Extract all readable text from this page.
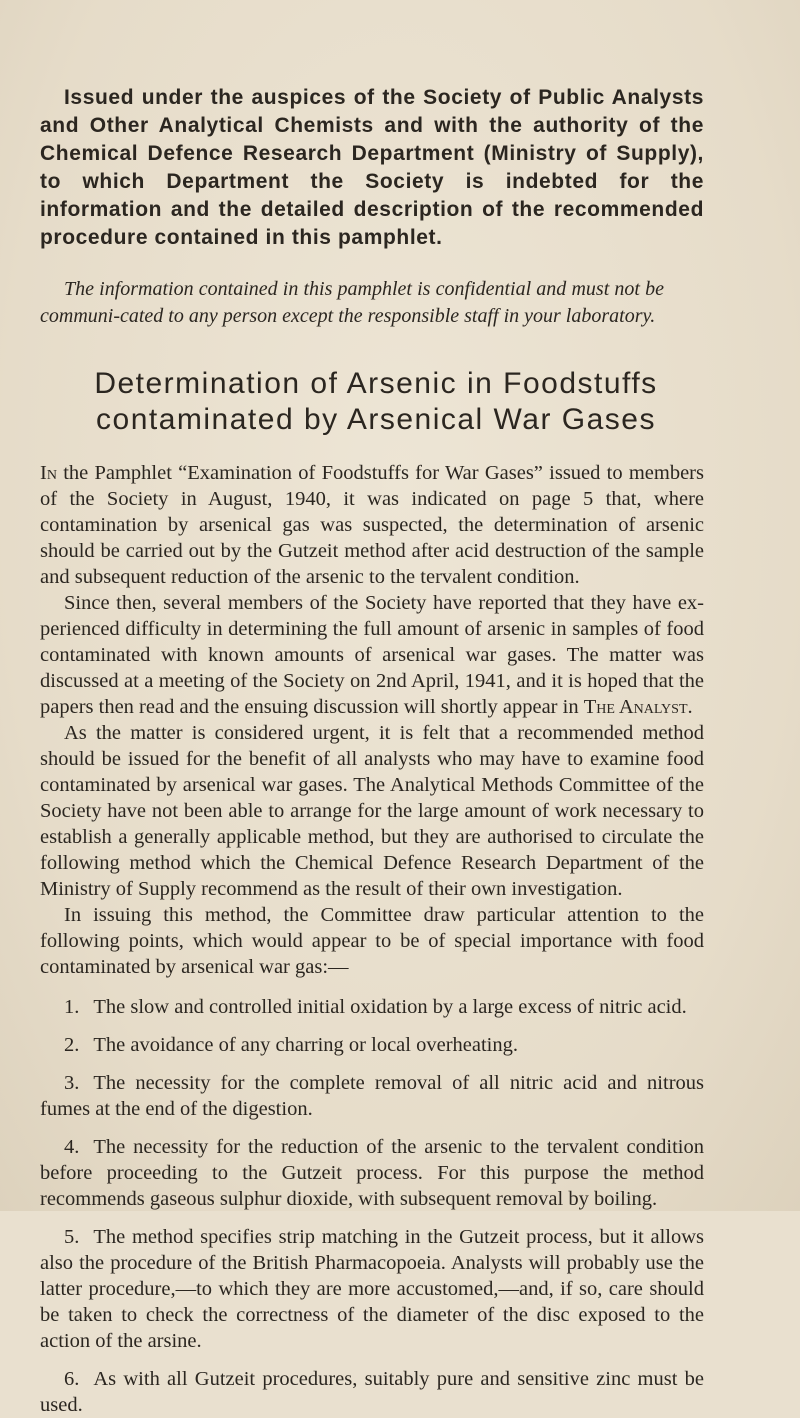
Issued under the auspices of the Society of Public Analysts and Other Analytical Chemists and with the authority of the Chemical Defence Research Department (Ministry of Supply), to which Department the Society is indebted for the information and the detailed description of the recommended procedure contained in this pamphlet.

The information contained in this pamphlet is confidential and must not be communi-cated to any person except the responsible staff in your laboratory.

Determination of Arsenic in Foodstuffs
contaminated by Arsenical War Gases

In the Pamphlet “Examination of Foodstuffs for War Gases” issued to members of the Society in August, 1940, it was indicated on page 5 that, where contamination by arsenical gas was suspected, the determination of arsenic should be carried out by the Gutzeit method after acid destruction of the sample and subsequent reduction of the arsenic to the tervalent condition.

Since then, several members of the Society have reported that they have ex-perienced difficulty in determining the full amount of arsenic in samples of food contaminated with known amounts of arsenical war gases. The matter was discussed at a meeting of the Society on 2nd April, 1941, and it is hoped that the papers then read and the ensuing discussion will shortly appear in The Analyst.

As the matter is considered urgent, it is felt that a recommended method should be issued for the benefit of all analysts who may have to examine food contaminated by arsenical war gases. The Analytical Methods Committee of the Society have not been able to arrange for the large amount of work necessary to establish a generally applicable method, but they are authorised to circulate the following method which the Chemical Defence Research Department of the Ministry of Supply recommend as the result of their own investigation.

In issuing this method, the Committee draw particular attention to the following points, which would appear to be of special importance with food contaminated by arsenical war gas:—

1. The slow and controlled initial oxidation by a large excess of nitric acid.

2. The avoidance of any charring or local overheating.

3. The necessity for the complete removal of all nitric acid and nitrous fumes at the end of the digestion.

4. The necessity for the reduction of the arsenic to the tervalent condition before proceeding to the Gutzeit process. For this purpose the method recommends gaseous sulphur dioxide, with subsequent removal by boiling.

5. The method specifies strip matching in the Gutzeit process, but it allows also the procedure of the British Pharmacopoeia. Analysts will probably use the latter procedure,—to which they are more accustomed,—and, if so, care should be taken to check the correctness of the diameter of the disc exposed to the action of the arsine.

6. As with all Gutzeit procedures, suitably pure and sensitive zinc must be used.
